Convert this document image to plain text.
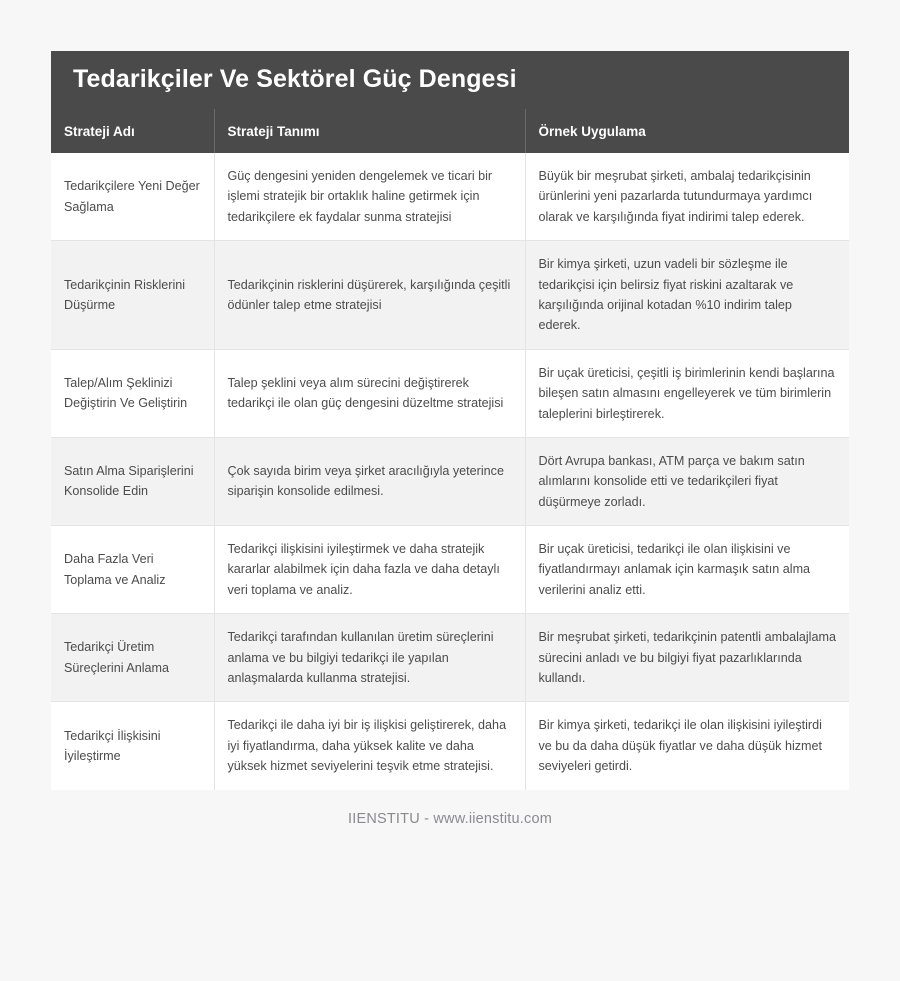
Tedarikçiler Ve Sektörel Güç Dengesi
Strateji Adı	Strateji Tanımı	Örnek Uygulama
Tedarikçilere Yeni Değer Sağlama	Güç dengesini yeniden dengelemek ve ticari bir işlemi stratejik bir ortaklık haline getirmek için tedarikçilere ek faydalar sunma stratejisi	Büyük bir meşrubat şirketi, ambalaj tedarikçisinin ürünlerini yeni pazarlarda tutundurmaya yardımcı olarak ve karşılığında fiyat indirimi talep ederek.
Tedarikçinin Risklerini Düşürme	Tedarikçinin risklerini düşürerek, karşılığında çeşitli ödünler talep etme stratejisi	Bir kimya şirketi, uzun vadeli bir sözleşme ile tedarikçisi için belirsiz fiyat riskini azaltarak ve karşılığında orijinal kotadan %10 indirim talep ederek.
Talep/Alım Şeklinizi Değiştirin Ve Geliştirin	Talep şeklini veya alım sürecini değiştirerek tedarikçi ile olan güç dengesini düzeltme stratejisi	Bir uçak üreticisi, çeşitli iş birimlerinin kendi başlarına bileşen satın almasını engelleyerek ve tüm birimlerin taleplerini birleştirerek.
Satın Alma Siparişlerini Konsolide Edin	Çok sayıda birim veya şirket aracılığıyla yeterince siparişin konsolide edilmesi.	Dört Avrupa bankası, ATM parça ve bakım satın alımlarını konsolide etti ve tedarikçileri fiyat düşürmeye zorladı.
Daha Fazla Veri Toplama ve Analiz	Tedarikçi ilişkisini iyileştirmek ve daha stratejik kararlar alabilmek için daha fazla ve daha detaylı veri toplama ve analiz.	Bir uçak üreticisi, tedarikçi ile olan ilişkisini ve fiyatlandırmayı anlamak için karmaşık satın alma verilerini analiz etti.
Tedarikçi Üretim Süreçlerini Anlama	Tedarikçi tarafından kullanılan üretim süreçlerini anlama ve bu bilgiyi tedarikçi ile yapılan anlaşmalarda kullanma stratejisi.	Bir meşrubat şirketi, tedarikçinin patentli ambalajlama sürecini anladı ve bu bilgiyi fiyat pazarlıklarında kullandı.
Tedarikçi İlişkisini İyileştirme	Tedarikçi ile daha iyi bir iş ilişkisi geliştirerek, daha iyi fiyatlandırma, daha yüksek kalite ve daha yüksek hizmet seviyelerini teşvik etme stratejisi.	Bir kimya şirketi, tedarikçi ile olan ilişkisini iyileştirdi ve bu da daha düşük fiyatlar ve daha düşük hizmet seviyeleri getirdi.
IIENSTITU - www.iienstitu.com
